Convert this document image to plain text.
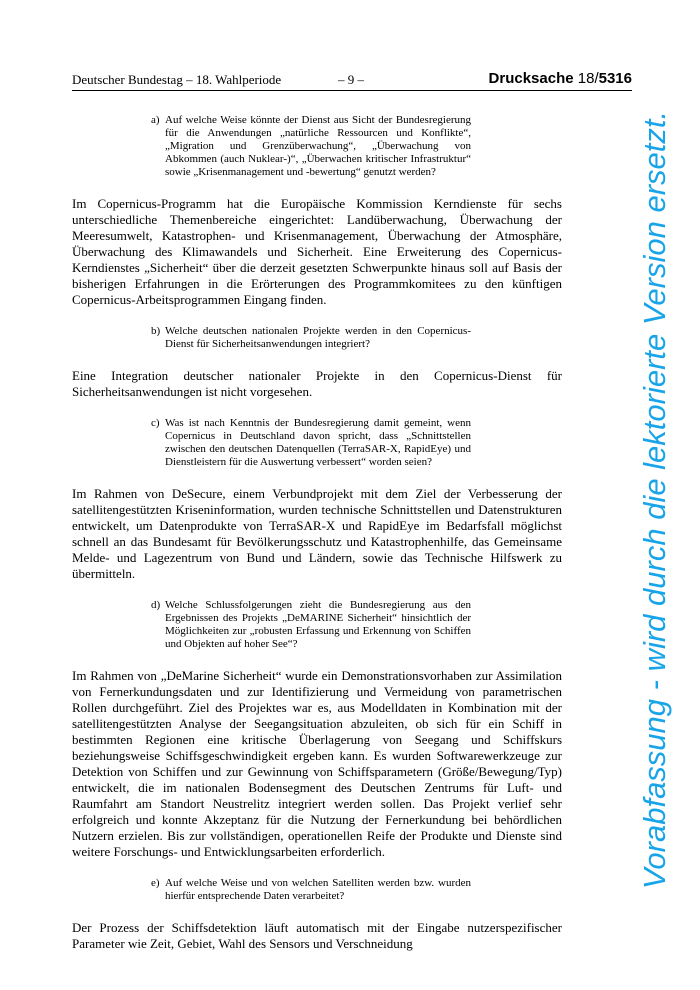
Deutscher Bundestag – 18. Wahlperiode	– 9 –	Drucksache 18/5316
a) Auf welche Weise könnte der Dienst aus Sicht der Bundesregierung für die Anwendungen „natürliche Ressourcen und Konflikte“, „Migration und Grenzüberwachung“, „Überwachung von Abkommen (auch Nuklear-)“, „Überwachen kritischer Infrastruktur“ sowie „Krisenmanagement und -bewertung“ genutzt werden?

Im Copernicus-Programm hat die Europäische Kommission Kerndienste für sechs unterschiedliche Themenbereiche eingerichtet: Landüberwachung, Überwachung der Meeresumwelt, Katastrophen- und Krisenmanagement, Überwachung der Atmosphäre, Überwachung des Klimawandels und Sicherheit. Eine Erweiterung des Copernicus-Kerndienstes „Sicherheit“ über die derzeit gesetzten Schwerpunkte hinaus soll auf Basis der bisherigen Erfahrungen in die Erörterungen des Programmkomitees zu den künftigen Copernicus-Arbeitsprogrammen Eingang finden.

b) Welche deutschen nationalen Projekte werden in den Copernicus-Dienst für Sicherheitsanwendungen integriert?

Eine Integration deutscher nationaler Projekte in den Copernicus-Dienst für Sicherheitsanwendungen ist nicht vorgesehen.

c) Was ist nach Kenntnis der Bundesregierung damit gemeint, wenn Copernicus in Deutschland davon spricht, dass „Schnittstellen zwischen den deutschen Datenquellen (TerraSAR-X, RapidEye) und Dienstleistern für die Auswertung verbessert“ worden seien?

Im Rahmen von DeSecure, einem Verbundprojekt mit dem Ziel der Verbesserung der satellitengestützten Kriseninformation, wurden technische Schnittstellen und Datenstrukturen entwickelt, um Datenprodukte von TerraSAR-X und RapidEye im Bedarfsfall möglichst schnell an das Bundesamt für Bevölkerungsschutz und Katastrophenhilfe, das Gemeinsame Melde- und Lagezentrum von Bund und Ländern, sowie das Technische Hilfswerk zu übermitteln.

d) Welche Schlussfolgerungen zieht die Bundesregierung aus den Ergebnissen des Projekts „DeMARINE Sicherheit“ hinsichtlich der Möglichkeiten zur „robusten Erfassung und Erkennung von Schiffen und Objekten auf hoher See“?

Im Rahmen von „DeMarine Sicherheit“ wurde ein Demonstrationsvorhaben zur Assimilation von Fernerkundungsdaten und zur Identifizierung und Vermeidung von parametrischen Rollen durchgeführt. Ziel des Projektes war es, aus Modelldaten in Kombination mit der satellitengestützten Analyse der Seegangsituation abzuleiten, ob sich für ein Schiff in bestimmten Regionen eine kritische Überlagerung von Seegang und Schiffskurs beziehungsweise Schiffsgeschwindigkeit ergeben kann. Es wurden Softwarewerkzeuge zur Detektion von Schiffen und zur Gewinnung von Schiffsparametern (Größe/Bewegung/Typ) entwickelt, die im nationalen Bodensegment des Deutschen Zentrums für Luft- und Raumfahrt am Standort Neustrelitz integriert werden sollen. Das Projekt verlief sehr erfolgreich und konnte Akzeptanz für die Nutzung der Fernerkundung bei behördlichen Nutzern erzielen. Bis zur vollständigen, operationellen Reife der Produkte und Dienste sind weitere Forschungs- und Entwicklungsarbeiten erforderlich.

e) Auf welche Weise und von welchen Satelliten werden bzw. wurden hierfür entsprechende Daten verarbeitet?

Der Prozess der Schiffsdetektion läuft automatisch mit der Eingabe nutzerspezifischer Parameter wie Zeit, Gebiet, Wahl des Sensors und Verschneidung

Vorabfassung - wird durch die lektorierte Version ersetzt.
